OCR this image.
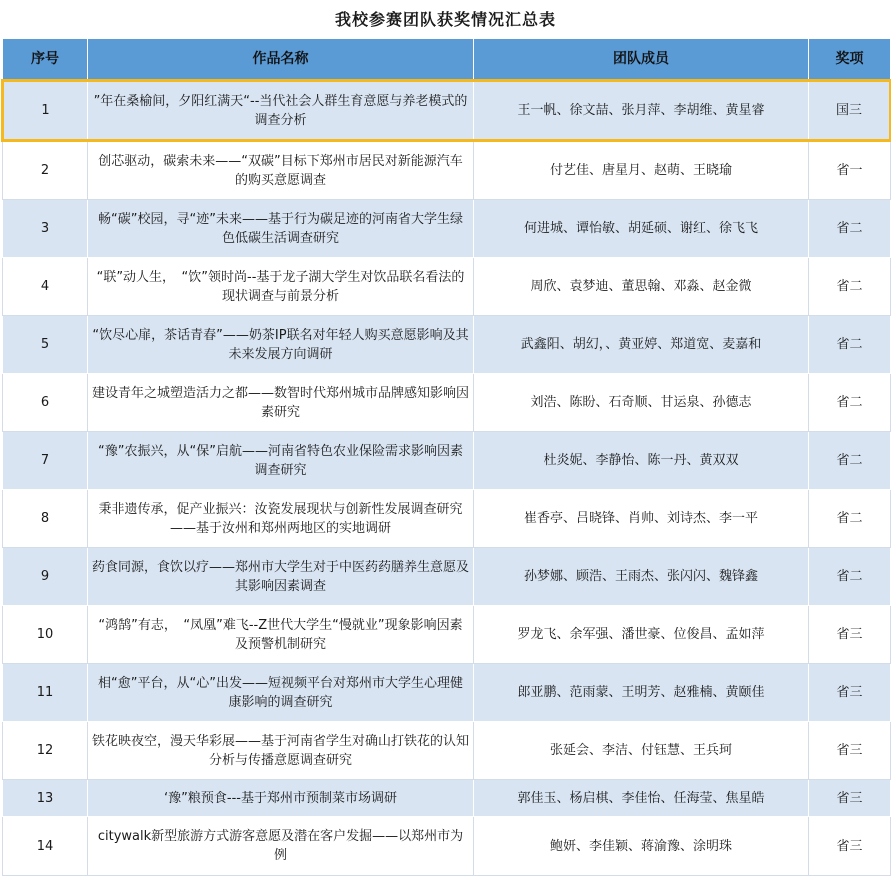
我校参赛团队获奖情况汇总表
序号	作品名称	团队成员	奖项
1	”年在桑榆间，夕阳红满天“--当代社会人群生育意愿与养老模式的调查分析	王一帆、徐文喆、张月萍、李胡维、黄星睿	国三
2	创芯驱动，碳索未来——“双碳”目标下郑州市居民对新能源汽车的购买意愿调查	付艺佳、唐星月、赵萌、王晓瑜	省一
3	畅“碳”校园，寻“迹”未来——基于行为碳足迹的河南省大学生绿色低碳生活调查研究	何进城、谭怡敏、胡延硕、谢红、徐飞飞	省二
4	“联”动人生，　“饮”领时尚--基于龙子湖大学生对饮品联名看法的现状调查与前景分析	周欣、袁梦迪、董思翰、邓淼、赵金微	省二
5	“饮尽心扉，茶话青春”——奶茶IP联名对年轻人购买意愿影响及其未来发展方向调研	武鑫阳、胡幻，、黄亚婷、郑道宽、麦嘉和	省二
6	建设青年之城塑造活力之都——数智时代郑州城市品牌感知影响因素研究	刘浩、陈盼、石奇顺、甘运泉、孙德志	省二
7	“豫”农振兴，从“保”启航——河南省特色农业保险需求影响因素调查研究	杜炎妮、李静怡、陈一丹、黄双双	省二
8	秉非遗传承，促产业振兴：汝瓷发展现状与创新性发展调查研究——基于汝州和郑州两地区的实地调研	崔香亭、吕晓锋、肖帅、刘诗杰、李一平	省二
9	药食同源，食饮以疗——郑州市大学生对于中医药药膳养生意愿及其影响因素调查	孙梦娜、顾浩、王雨杰、张闪闪、魏锋鑫	省二
10	“鸿鹄”有志，　“凤凰”难飞--Z世代大学生“慢就业”现象影响因素及预警机制研究	罗龙飞、余军强、潘世豪、位俊昌、孟如萍	省三
11	相“愈”平台，从“心”出发——短视频平台对郑州市大学生心理健康影响的调查研究	郎亚鹏、范雨蒙、王明芳、赵雅楠、黄颐佳	省三
12	铁花映夜空，漫天华彩展——基于河南省学生对确山打铁花的认知分析与传播意愿调查研究	张延会、李洁、付钰慧、王兵珂	省三
13	‘豫”粮预食---基于郑州市预制菜市场调研	郭佳玉、杨启棋、李佳怡、任海莹、焦星皓	省三
14	citywalk新型旅游方式游客意愿及潜在客户发掘——以郑州市为例	鲍妍、李佳颖、蒋渝豫、涂明珠	省三
